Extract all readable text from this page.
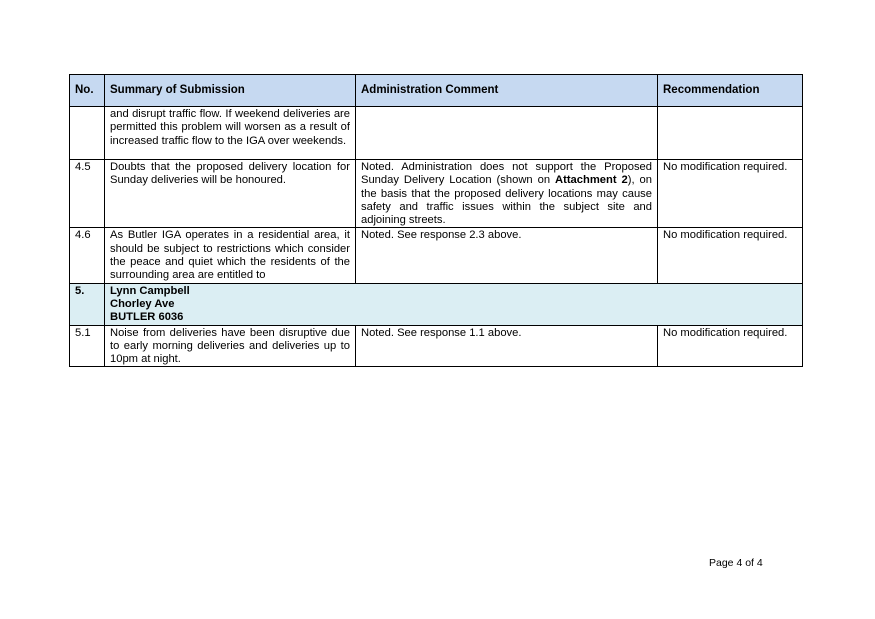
No.	Summary of Submission	Administration Comment	Recommendation
	and disrupt traffic flow. If weekend deliveries are permitted this problem will worsen as a result of increased traffic flow to the IGA over weekends.		
4.5	Doubts that the proposed delivery location for Sunday deliveries will be honoured.	Noted. Administration does not support the Proposed Sunday Delivery Location (shown on Attachment 2), on the basis that the proposed delivery locations may cause safety and traffic issues within the subject site and adjoining streets.	No modification required.
4.6	As Butler IGA operates in a residential area, it should be subject to restrictions which consider the peace and quiet which the residents of the surrounding area are entitled to	Noted. See response 2.3 above.	No modification required.
5.	Lynn Campbell

Chorley Ave

BUTLER 6036		

5.1	Noise from deliveries have been disruptive due to early morning deliveries and deliveries up to 10pm at night.	Noted. See response 1.1 above.	No modification required.
Page 4 of 4
